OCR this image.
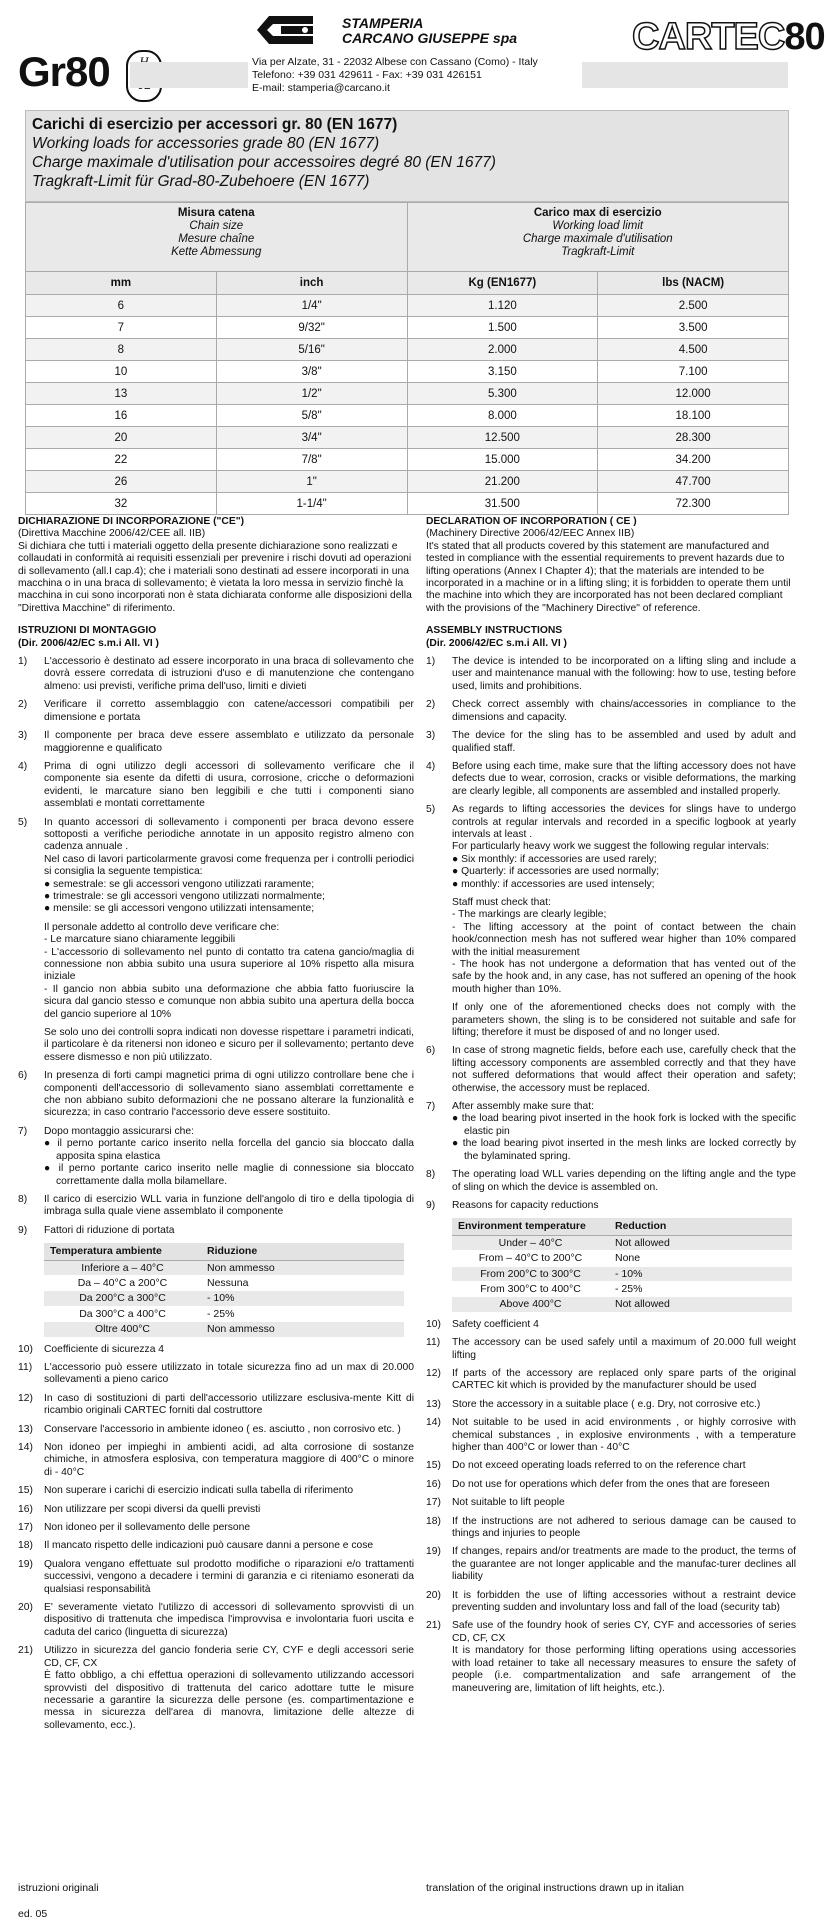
Gr80
STAMPERIA
CARCANO GIUSEPPE spa	CARTEC80
Via per Alzate, 31 - 22032 Albese con Cassano (Como) - Italy
Telefono: +39 031 429611 - Fax: +39 031 426151
E-mail: stamperia@carcano.it
Carichi di esercizio per accessori gr. 80 (EN 1677)
Working loads for accessories grade 80 (EN 1677)
Charge maximale d'utilisation pour accessoires degré 80 (EN 1677)
Tragkraft-Limit für Grad-80-Zubehoere (EN 1677)
Misura catena
Chain size
Mesure chaîne
Kette Abmessung		Carico max di esercizio
Working load limit
Charge maximale d'utilisation
Tragkraft-Limit	
mm	inch	Kg (EN1677)	lbs (NACM)
6	1/4"	1.120	2.500
7	9/32"	1.500	3.500
8	5/16"	2.000	4.500
10	3/8"	3.150	7.100
13	1/2"	5.300	12.000
16	5/8"	8.000	18.100
20	3/4"	12.500	28.300
22	7/8"	15.000	34.200
26	1"	21.200	47.700
32	1-1/4"	31.500	72.300

DICHIARAZIONE DI INCORPORAZIONE ("CE")
(Direttiva Macchine 2006/42/CEE all. IIB)
Si dichiara che tutti i materiali oggetto della presente dichiarazione sono realizzati e collaudati in conformità ai requisiti essenziali per prevenire i rischi dovuti ad operazioni di sollevamento (all.I cap.4); che i materiali sono destinati ad essere incorporati in una macchina o in una braca di sollevamento; è vietata la loro messa in servizio finchè la macchina in cui sono incorporati non è stata dichiarata conforme alle disposizioni della "Direttiva Macchine" di riferimento.

ISTRUZIONI DI MONTAGGIO
(Dir. 2006/42/EC s.m.i All. VI )

1)	L'accessorio è destinato ad essere incorporato in una braca di sollevamento che dovrà essere corredata di istruzioni d'uso e di manutenzione che contengano almeno: usi previsti, verifiche prima dell'uso, limiti e divieti
2)	Verificare il corretto assemblaggio con catene/accessori compatibili per dimensione e portata
3)	Il componente per braca deve essere assemblato e utilizzato da personale maggiorenne e qualificato
4)	Prima di ogni utilizzo degli accessori di sollevamento verificare che il componente sia esente da difetti di usura, corrosione, cricche o deformazioni evidenti, le marcature siano ben leggibili e che tutti i componenti siano assemblati e montati correttamente
5)	In quanto accessori di sollevamento i componenti per braca devono essere sottoposti a verifiche periodiche annotate in un apposito registro almeno con cadenza annuale .
Nel caso di lavori particolarmente gravosi come frequenza per i controlli periodici si consiglia la seguente tempistica:
● semestrale: se gli accessori vengono utilizzati raramente;
● trimestrale: se gli accessori vengono utilizzati normalmente;
● mensile: se gli accessori vengono utilizzati intensamente;
Il personale addetto al controllo deve verificare che:
- Le marcature siano chiaramente leggibili
- L'accessorio di sollevamento nel punto di contatto tra catena gancio/maglia di connessione non abbia subito una usura superiore al 10% rispetto alla misura iniziale
- Il gancio non abbia subito una deformazione che abbia fatto fuoriuscire la sicura dal gancio stesso e comunque non abbia subito una apertura della bocca del gancio superiore al 10%
Se solo uno dei controlli sopra indicati non dovesse rispettare i parametri indicati, il particolare è da ritenersi non idoneo e sicuro per il sollevamento; pertanto deve essere dismesso e non più utilizzato.
6)	In presenza di forti campi magnetici prima di ogni utilizzo controllare bene che i componenti dell'accessorio di sollevamento siano assemblati correttamente e che non abbiano subito deformazioni che ne possano alterare la funzionalità e sicurezza; in caso contrario l'accessorio deve essere sostituito.
7)	Dopo montaggio assicurarsi che:
● il perno portante carico inserito nella forcella del gancio sia bloccato dalla apposita spina elastica
● il perno portante carico inserito nelle maglie di connessione sia bloccato correttamente dalla molla bilamellare.
8)	Il carico di esercizio WLL varia in funzione dell'angolo di tiro e della tipologia di imbraga sulla quale viene assemblato il componente
9)	Fattori di riduzione di portata
Temperatura ambiente	Riduzione
Inferiore a – 40°C	Non ammesso
Da – 40°C a 200°C	Nessuna
Da 200°C a 300°C	- 10%
Da 300°C a 400°C	- 25%
Oltre 400°C	Non ammesso
10)	Coefficiente di sicurezza 4
11)	L'accessorio può essere utilizzato in totale sicurezza fino ad un max di 20.000 sollevamenti a pieno carico
12)	In caso di sostituzioni di parti dell'accessorio utilizzare esclusiva-mente Kitt di ricambio originali CARTEC forniti dal costruttore
13)	Conservare l'accessorio in ambiente idoneo ( es. asciutto , non corrosivo etc. )
14)	Non idoneo per impieghi in ambienti acidi, ad alta corrosione di sostanze chimiche, in atmosfera esplosiva, con temperatura maggiore di 400°C o minore di - 40°C
15)	Non superare i carichi di esercizio indicati sulla tabella di riferimento
16)	Non utilizzare per scopi diversi da quelli previsti
17)	Non idoneo per il sollevamento delle persone
18)	Il mancato rispetto delle indicazioni può causare danni a persone e cose
19)	Qualora vengano effettuate sul prodotto modifiche o riparazioni e/o trattamenti successivi, vengono a decadere i termini di garanzia e ci riteniamo esonerati da qualsiasi responsabilità
20)	E' severamente vietato l'utilizzo di accessori di sollevamento sprovvisti di un dispositivo di trattenuta che impedisca l'improvvisa e involontaria fuori uscita e caduta del carico (linguetta di sicurezza)
21)	Utilizzo in sicurezza del gancio fonderia serie CY, CYF e degli accessori serie CD, CF, CX
È fatto obbligo, a chi effettua operazioni di sollevamento utilizzando accessori sprovvisti del dispositivo di trattenuta del carico adottare tutte le misure necessarie a garantire la sicurezza delle persone (es. compartimentazione e messa in sicurezza dell'area di manovra, limitazione delle altezze di sollevamento, ecc.).

DECLARATION OF INCORPORATION ( CE )
(Machinery Directive 2006/42/EEC Annex IIB)
It's stated that all products covered by this statement are manufactured and tested in compliance with the essential requirements to prevent hazards due to lifting operations (Annex I Chapter 4); that the materials are intended to be incorporated in a machine or in a lifting sling; it is forbidden to operate them until the machine into which they are incorporated has not been declared compliant with the provisions of the "Machinery Directive" of reference.

ASSEMBLY INSTRUCTIONS
(Dir. 2006/42/EC s.m.i All. VI )

1)	The device is intended to be incorporated on a lifting sling and include a user and maintenance manual with the following: how to use, testing before used, limits and prohibitions.
2)	Check correct assembly with chains/accessories in compliance to the dimensions and capacity.
3)	The device for the sling has to be assembled and used by adult and qualified staff.
4)	Before using each time, make sure that the lifting accessory does not have defects due to wear, corrosion, cracks or visible deformations, the marking are clearly legible, all components are assembled and installed properly.
5)	As regards to lifting accessories the devices for slings have to undergo controls at regular intervals and recorded in a specific logbook at yearly intervals at least .
For particularly heavy work we suggest the following regular intervals:
● Six monthly: if accessories are used rarely;
● Quarterly: if accessories are used normally;
● monthly: if accessories are used intensely;
Staff must check that:
- The markings are clearly legible;
- The lifting accessory at the point of contact between the chain hook/connection mesh has not suffered wear higher than 10% compared with the initial measurement
- The hook has not undergone a deformation that has vented out of the safe by the hook and, in any case, has not suffered an opening of the hook mouth higher than 10%.
If only one of the aforementioned checks does not comply with the parameters shown, the sling is to be considered not suitable and safe for lifting; therefore it must be disposed of and no longer used.
6)	In case of strong magnetic fields, before each use, carefully check that the lifting accessory components are assembled correctly and that they have not suffered deformations that would affect their operation and safety; otherwise, the accessory must be replaced.
7)	After assembly make sure that:
● the load bearing pivot inserted in the hook fork is locked with the specific elastic pin
● the load bearing pivot inserted in the mesh links are locked correctly by the bylaminated spring.
8)	The operating load WLL varies depending on the lifting angle and the type of sling on which the device is assembled on.
9)	Reasons for capacity reductions
Environment temperature	Reduction
Under – 40°C	Not allowed
From – 40°C to 200°C	None
From 200°C to 300°C	- 10%
From 300°C to 400°C	- 25%
Above 400°C	Not allowed
10)	Safety coefficient 4
11)	The accessory can be used safely until a maximum of 20.000 full weight lifting
12)	If parts of the accessory are replaced only spare parts of the original CARTEC kit which is provided by the manufacturer should be used
13)	Store the accessory in a suitable place ( e.g. Dry, not corrosive etc.)
14)	Not suitable to be used in acid environments , or highly corrosive with chemical substances , in explosive environments , with a temperature higher than 400°C or lower than - 40°C
15)	Do not exceed operating loads referred to on the reference chart
16)	Do not use for operations which defer from the ones that are foreseen
17)	Not suitable to lift people
18)	If the instructions are not adhered to serious damage can be caused to things and injuries to people
19)	If changes, repairs and/or treatments are made to the product, the terms of the guarantee are not longer applicable and the manufac-turer declines all liability
20)	It is forbidden the use of lifting accessories without a restraint device preventing sudden and involuntary loss and fall of the load (security tab)
21)	Safe use of the foundry hook of series CY, CYF and accessories of series CD, CF, CX
It is mandatory for those performing lifting operations using accessories with load retainer to take all necessary measures to ensure the safety of people (i.e. compartmentalization and safe arrangement of the maneuvering are, limitation of lift heights, etc.).
istruzioni originali	translation of the original instructions drawn up in italian
ed. 05
